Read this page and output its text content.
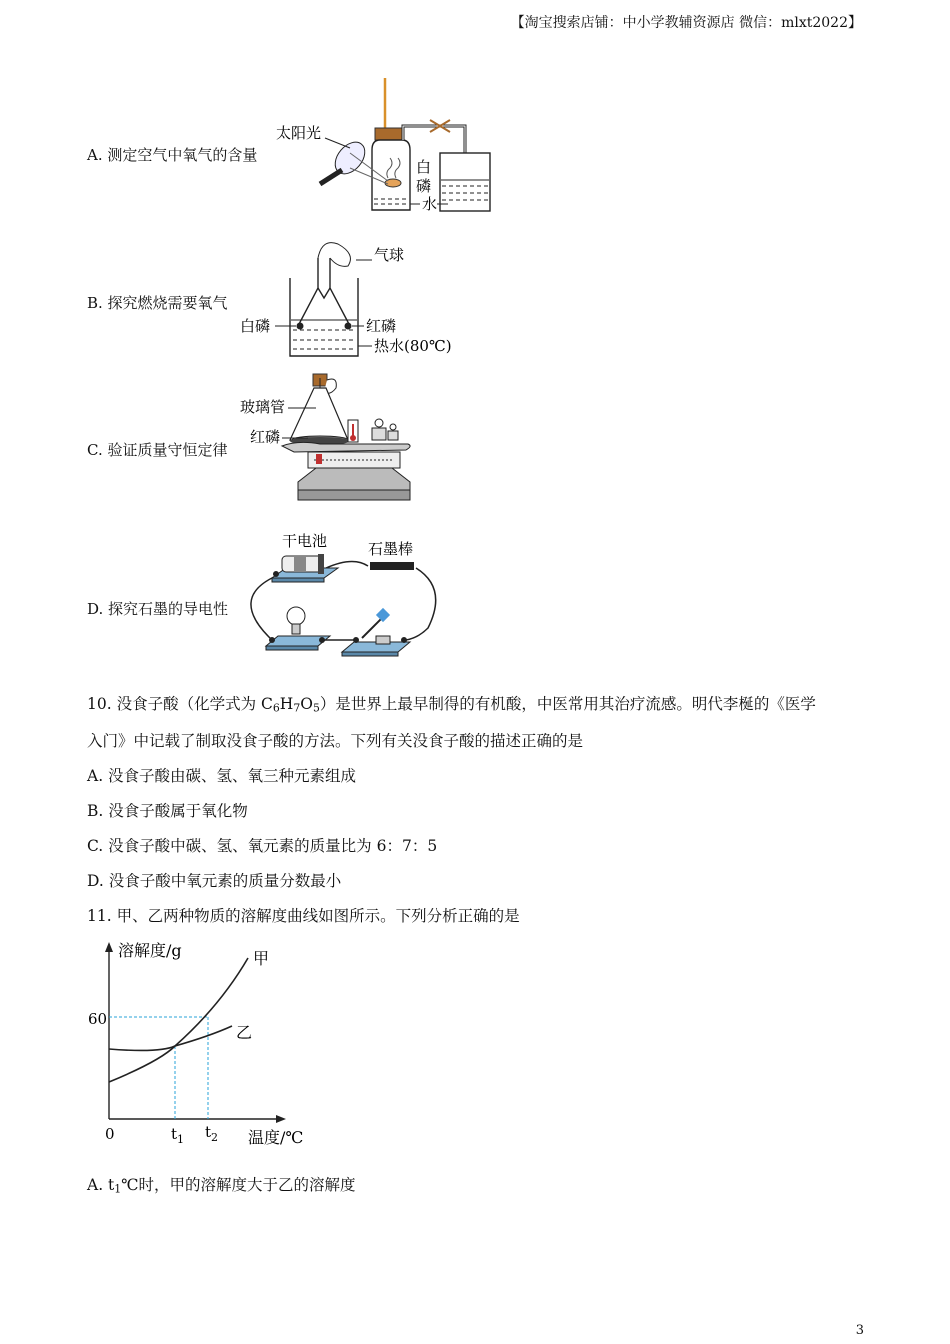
【淘宝搜索店铺：中小学教辅资源店 微信：mlxt2022】
A. 测定空气中氧气的含量
太阳光
白
磷
水
B. 探究燃烧需要氧气
气球
白磷	红磷
热水(80℃)
C. 验证质量守恒定律
玻璃管
红磷
D. 探究石墨的导电性
干电池	石墨棒
10. 没食子酸（化学式为 $C_6H_7O_5$）是世界上最早制得的有机酸，中医常用其治疗流感。明代李梴的《医学
入门》中记载了制取没食子酸的方法。下列有关没食子酸的描述正确的是
A. 没食子酸由碳、氢、氧三种元素组成
B. 没食子酸属于氧化物
C. 没食子酸中碳、氢、氧元素的质量比为 6：7：5
D. 没食子酸中氧元素的质量分数最小
11. 甲、乙两种物质的溶解度曲线如图所示。下列分析正确的是
溶解度/g
温度/℃
0
60
$t_1$ $t_2$
甲
乙
A. $t_1℃$时，甲的溶解度大于乙的溶解度
3
